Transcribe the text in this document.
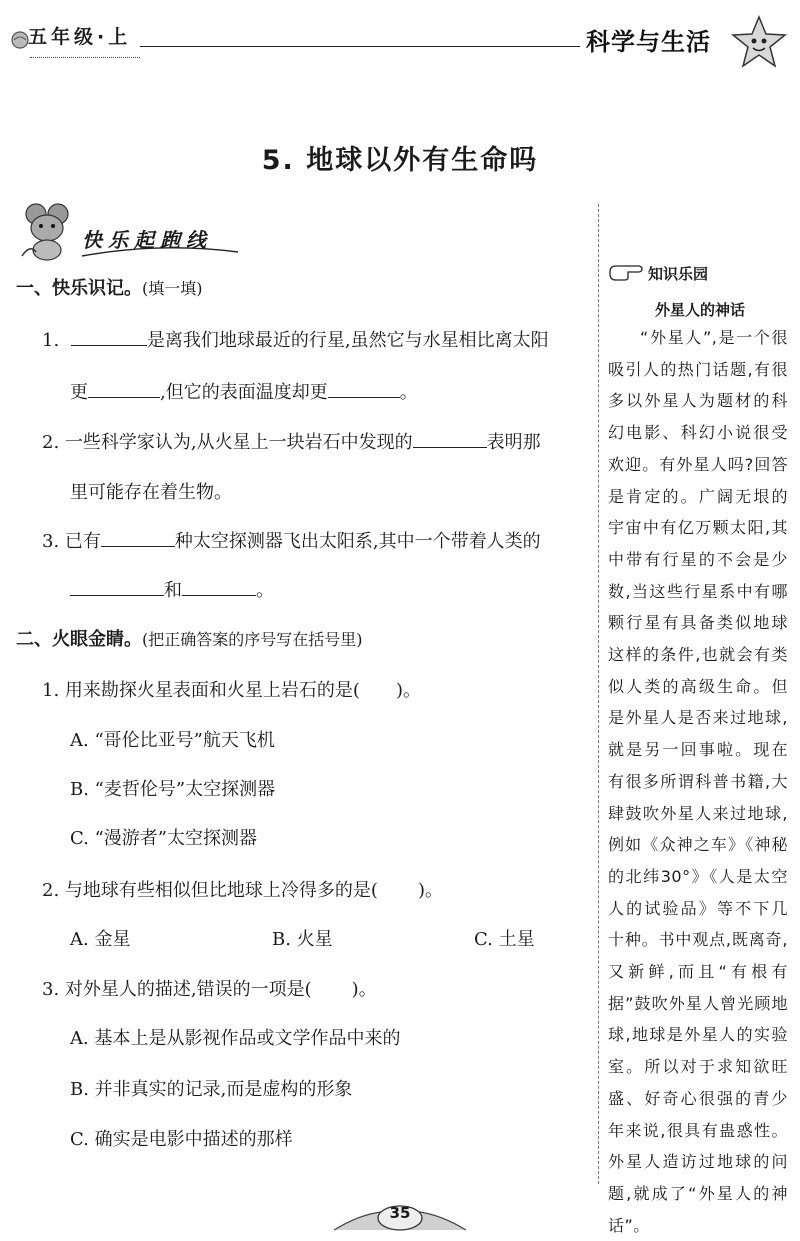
五年级·上	科学与生活
5. 地球以外有生命吗
快乐起跑线
一、快乐识记。(填一填)
1.	是离我们地球最近的行星,虽然它与水星相比离太阳
更	,但它的表面温度却更	。
2. 一些科学家认为,从火星上一块岩石中发现的	表明那
里可能存在着生物。
3. 已有	种太空探测器飞出太阳系,其中一个带着人类的
和	。
二、火眼金睛。(把正确答案的序号写在括号里)
1. 用来勘探火星表面和火星上岩石的是( )。
A. “哥伦比亚号”航天飞机
B. “麦哲伦号”太空探测器
C. “漫游者”太空探测器
2. 与地球有些相似但比地球上冷得多的是( )。
A. 金星	B. 火星	C. 土星
3. 对外星人的描述,错误的一项是( )。
A. 基本上是从影视作品或文学作品中来的
B. 并非真实的记录,而是虚构的形象
C. 确实是电影中描述的那样
知识乐园
外星人的神话
“外星人”,是一个很吸引人的热门话题,有很多以外星人为题材的科幻电影、科幻小说很受欢迎。有外星人吗?回答是肯定的。广阔无垠的宇宙中有亿万颗太阳,其中带有行星的不会是少数,当这些行星系中有哪颗行星有具备类似地球这样的条件,也就会有类似人类的高级生命。但是外星人是否来过地球,就是另一回事啦。现在有很多所谓科普书籍,大肆鼓吹外星人来过地球,例如《众神之车》《神秘的北纬30°》《人是太空人的试验品》等不下几十种。书中观点,既离奇,又新鲜,而且“有根有据”鼓吹外星人曾光顾地球,地球是外星人的实验室。所以对于求知欲旺盛、好奇心很强的青少年来说,很具有蛊惑性。外星人造访过地球的问题,就成了“外星人的神话”。
35
